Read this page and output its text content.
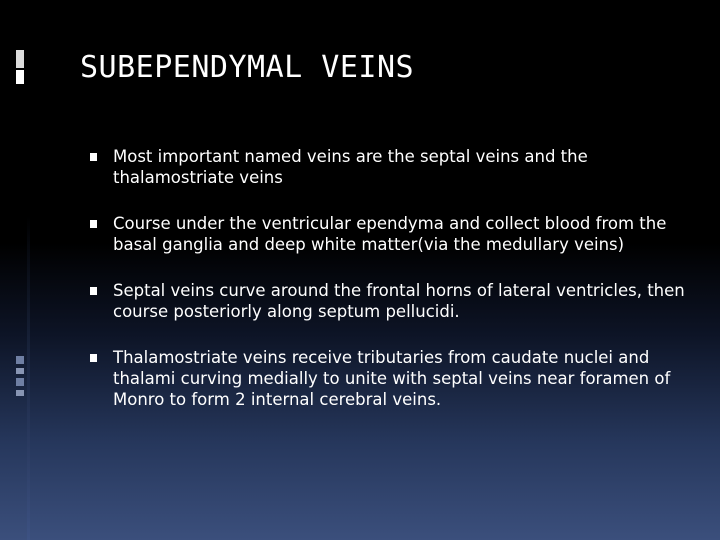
SUBEPENDYMAL VEINS
Most important named veins are the septal veins and the thalamostriate veins
Course under the ventricular ependyma and collect blood from the basal ganglia and deep white matter(via the medullary veins)
Septal veins curve around the frontal horns of lateral ventricles, then course posteriorly along septum pellucidi.
Thalamostriate veins receive tributaries from caudate nuclei and thalami curving medially to unite with septal veins near foramen of Monro to form 2 internal cerebral veins.
